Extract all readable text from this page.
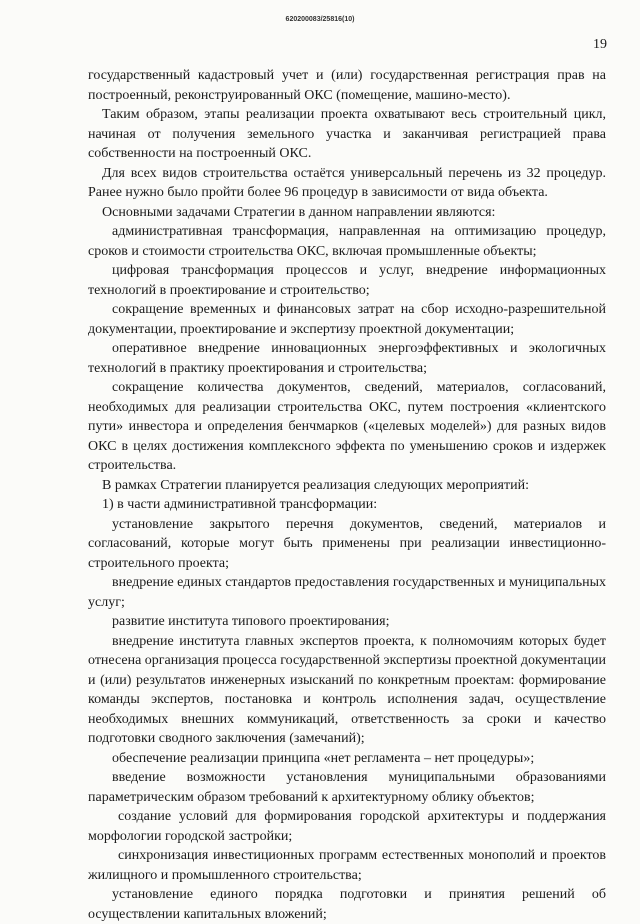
620200083/25816(10)
19

государственный кадастровый учет и (или) государственная регистрация прав на построенный, реконструированный ОКС (помещение, машино-место).

Таким образом, этапы реализации проекта охватывают весь строительный цикл, начиная от получения земельного участка и заканчивая регистрацией права собственности на построенный ОКС.

Для всех видов строительства остаётся универсальный перечень из 32 процедур. Ранее нужно было пройти более 96 процедур в зависимости от вида объекта.

Основными задачами Стратегии в данном направлении являются:

административная трансформация, направленная на оптимизацию процедур, сроков и стоимости строительства ОКС, включая промышленные объекты;

цифровая трансформация процессов и услуг, внедрение информационных технологий в проектирование и строительство;

сокращение временных и финансовых затрат на сбор исходно-разрешительной документации, проектирование и экспертизу проектной документации;

оперативное внедрение инновационных энергоэффективных и экологичных технологий в практику проектирования и строительства;

сокращение количества документов, сведений, материалов, согласований, необходимых для реализации строительства ОКС, путем построения «клиентского пути» инвестора и определения бенчмарков («целевых моделей») для разных видов ОКС в целях достижения комплексного эффекта по уменьшению сроков и издержек строительства.

В рамках Стратегии планируется реализация следующих мероприятий:

1) в части административной трансформации:

установление закрытого перечня документов, сведений, материалов и согласований, которые могут быть применены при реализации инвестиционно-строительного проекта;

внедрение единых стандартов предоставления государственных и муниципальных услуг;

развитие института типового проектирования;

внедрение института главных экспертов проекта, к полномочиям которых будет отнесена организация процесса государственной экспертизы проектной документации и (или) результатов инженерных изысканий по конкретным проектам: формирование команды экспертов, постановка и контроль исполнения задач, осуществление необходимых внешних коммуникаций, ответственность за сроки и качество подготовки сводного заключения (замечаний);

обеспечение реализации принципа «нет регламента – нет процедуры»;

введение возможности установления муниципальными образованиями параметрическим образом требований к архитектурному облику объектов;

создание условий для формирования городской архитектуры и поддержания морфологии городской застройки;

синхронизация инвестиционных программ естественных монополий и проектов жилищного и промышленного строительства;

установление единого порядка подготовки и принятия решений об осуществлении капитальных вложений;
